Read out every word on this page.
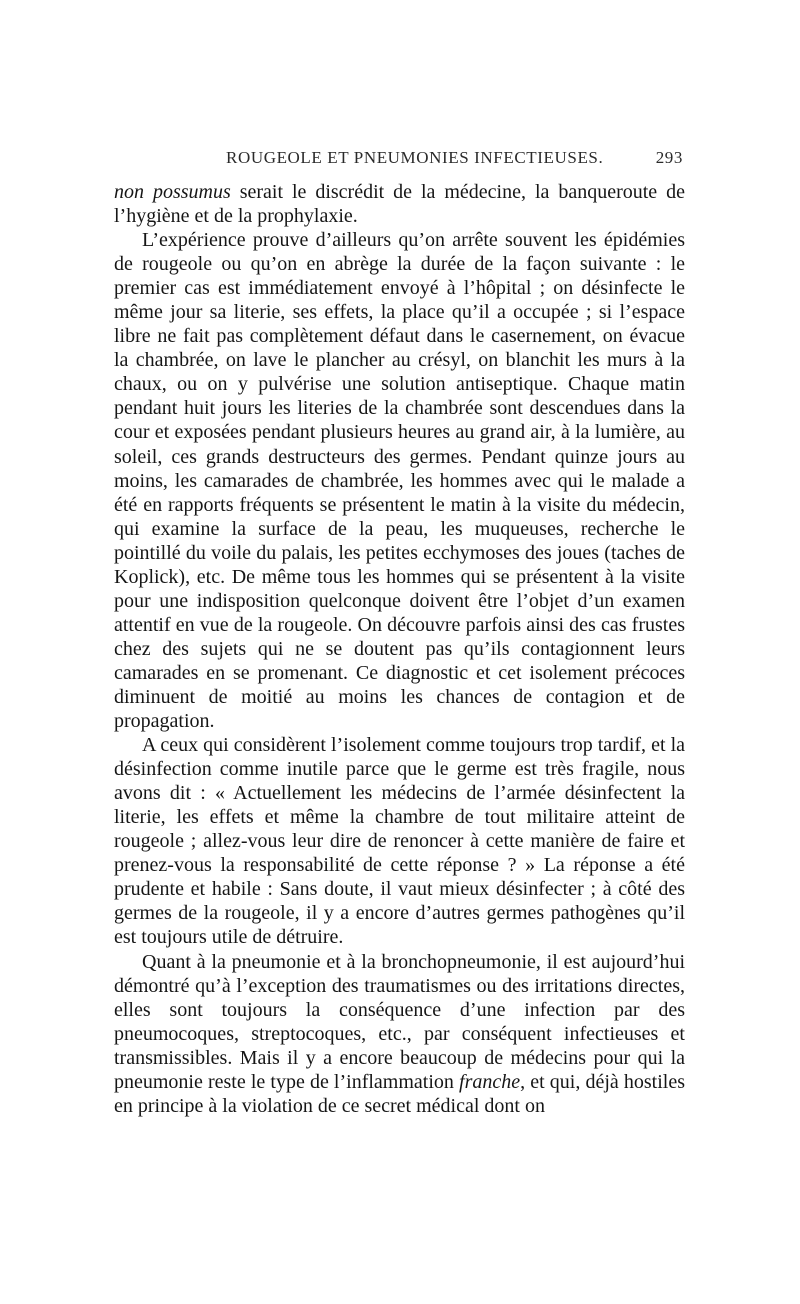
ROUGEOLE ET PNEUMONIES INFECTIEUSES.	293

non possumus serait le discrédit de la médecine, la banqueroute de l’hygiène et de la prophylaxie.

L’expérience prouve d’ailleurs qu’on arrête souvent les épidémies de rougeole ou qu’on en abrège la durée de la façon suivante : le premier cas est immédiatement envoyé à l’hôpital ; on désinfecte le même jour sa literie, ses effets, la place qu’il a occupée ; si l’espace libre ne fait pas complètement défaut dans le casernement, on évacue la chambrée, on lave le plancher au crésyl, on blanchit les murs à la chaux, ou on y pulvérise une solution antiseptique. Chaque matin pendant huit jours les literies de la chambrée sont descendues dans la cour et exposées pendant plusieurs heures au grand air, à la lumière, au soleil, ces grands destructeurs des germes. Pendant quinze jours au moins, les camarades de chambrée, les hommes avec qui le malade a été en rapports fréquents se présentent le matin à la visite du médecin, qui examine la surface de la peau, les muqueuses, recherche le pointillé du voile du palais, les petites ecchymoses des joues (taches de Koplick), etc. De même tous les hommes qui se présentent à la visite pour une indisposition quelconque doivent être l’objet d’un examen attentif en vue de la rougeole. On découvre parfois ainsi des cas frustes chez des sujets qui ne se doutent pas qu’ils contagionnent leurs camarades en se promenant. Ce diagnostic et cet isolement précoces diminuent de moitié au moins les chances de contagion et de propagation.

A ceux qui considèrent l’isolement comme toujours trop tardif, et la désinfection comme inutile parce que le germe est très fragile, nous avons dit : « Actuellement les médecins de l’armée désinfectent la literie, les effets et même la chambre de tout militaire atteint de rougeole ; allez-vous leur dire de renoncer à cette manière de faire et prenez-vous la responsabilité de cette réponse ? » La réponse a été prudente et habile : Sans doute, il vaut mieux désinfecter ; à côté des germes de la rougeole, il y a encore d’autres germes pathogènes qu’il est toujours utile de détruire.

Quant à la pneumonie et à la bronchopneumonie, il est aujourd’hui démontré qu’à l’exception des traumatismes ou des irritations directes, elles sont toujours la conséquence d’une infection par des pneumocoques, streptocoques, etc., par conséquent infectieuses et transmissibles. Mais il y a encore beaucoup de médecins pour qui la pneumonie reste le type de l’inflammation franche, et qui, déjà hostiles en principe à la violation de ce secret médical dont on
